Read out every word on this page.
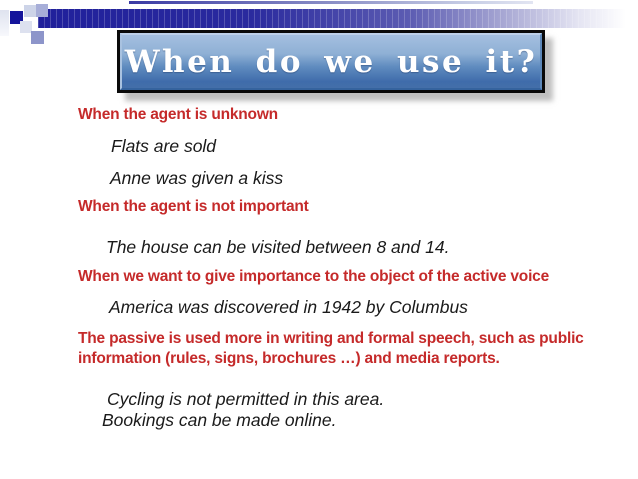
When do we use it?
When the agent is unknown
Flats are sold
Anne was given a kiss
When the agent is not important
The house can be visited between 8 and 14.
When we want to give importance to the object of the active voice
America was discovered in 1942 by Columbus
The passive is used more in writing and formal speech, such as public information (rules, signs, brochures …) and media reports.
Cycling is not permitted in this area.
Bookings can be made online.
